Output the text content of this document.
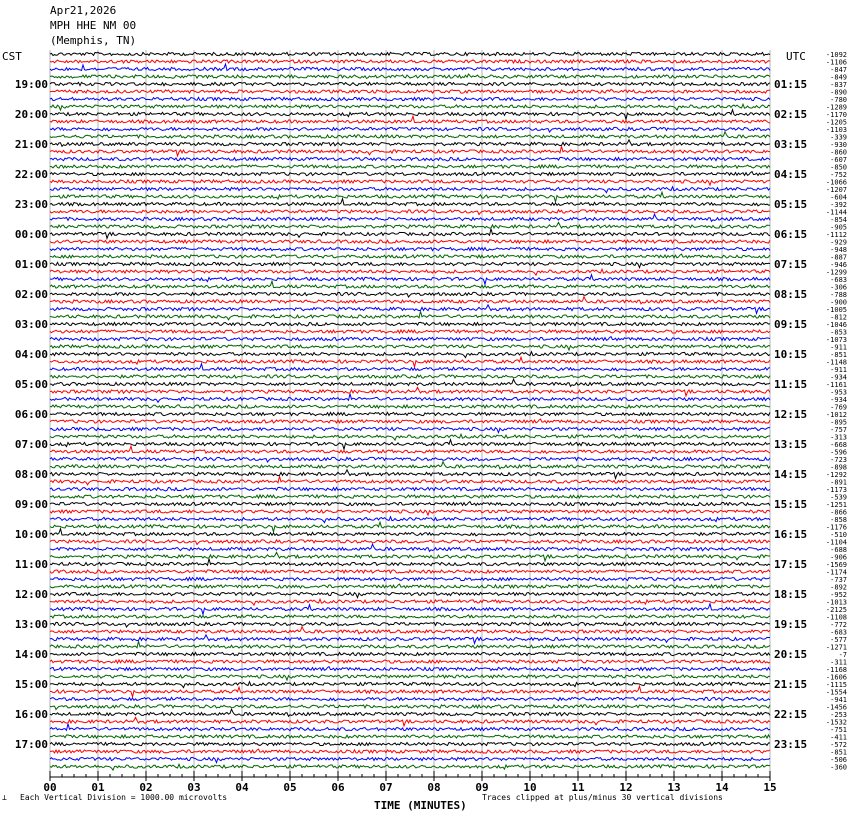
Apr21,2026
MPH HHE NM 00
(Memphis, TN)
CST	UTC
19:00
20:00
21:00
22:00
23:00
00:00
01:00
02:00
03:00
04:00
05:00
06:00
07:00
08:00
09:00
10:00
11:00
12:00
13:00
14:00
15:00
16:00
17:00
01:15
02:15
03:15
04:15
05:15
06:15
07:15
08:15
09:15
10:15
11:15
12:15
13:15
14:15
15:15
16:15
17:15
18:15
19:15
20:15
21:15
22:15
23:15
-1092
-1106
-847
-849
-837
-890
-780
-1289
-1170
-1205
-1103
-339
-930
-860
-607
-850
-752
-1066
-1207
-604
-392
-1144
-854
-905
-1112
-929
-948
-887
-946
-1299
-683
-306
-788
-900
-1005
-812
-1046
-853
-1073
-911
-851
-1148
-911
-934
-1161
-953
-934
-769
-1012
-895
-757
-313
-668
-596
-723
-898
-1292
-891
-1173
-539
-1251
-866
-858
-1176
-510
-1104
-688
-906
-1569
-1174
-737
-892
-952
-1013
-2125
-1108
-772
-683
-577
-1271
-7
-311
-1168
-1606
-1115
-1554
-941
-1456
-253
-1532
-751
-411
-572
-851
-506
-360
00	01	02	03	04	05	06	07	08	09	10	11	12	13	14	15
⊥ Each Vertical Division = 1000.00 microvolts
TIME (MINUTES)
Traces clipped at plus/minus 30 vertical divisions
